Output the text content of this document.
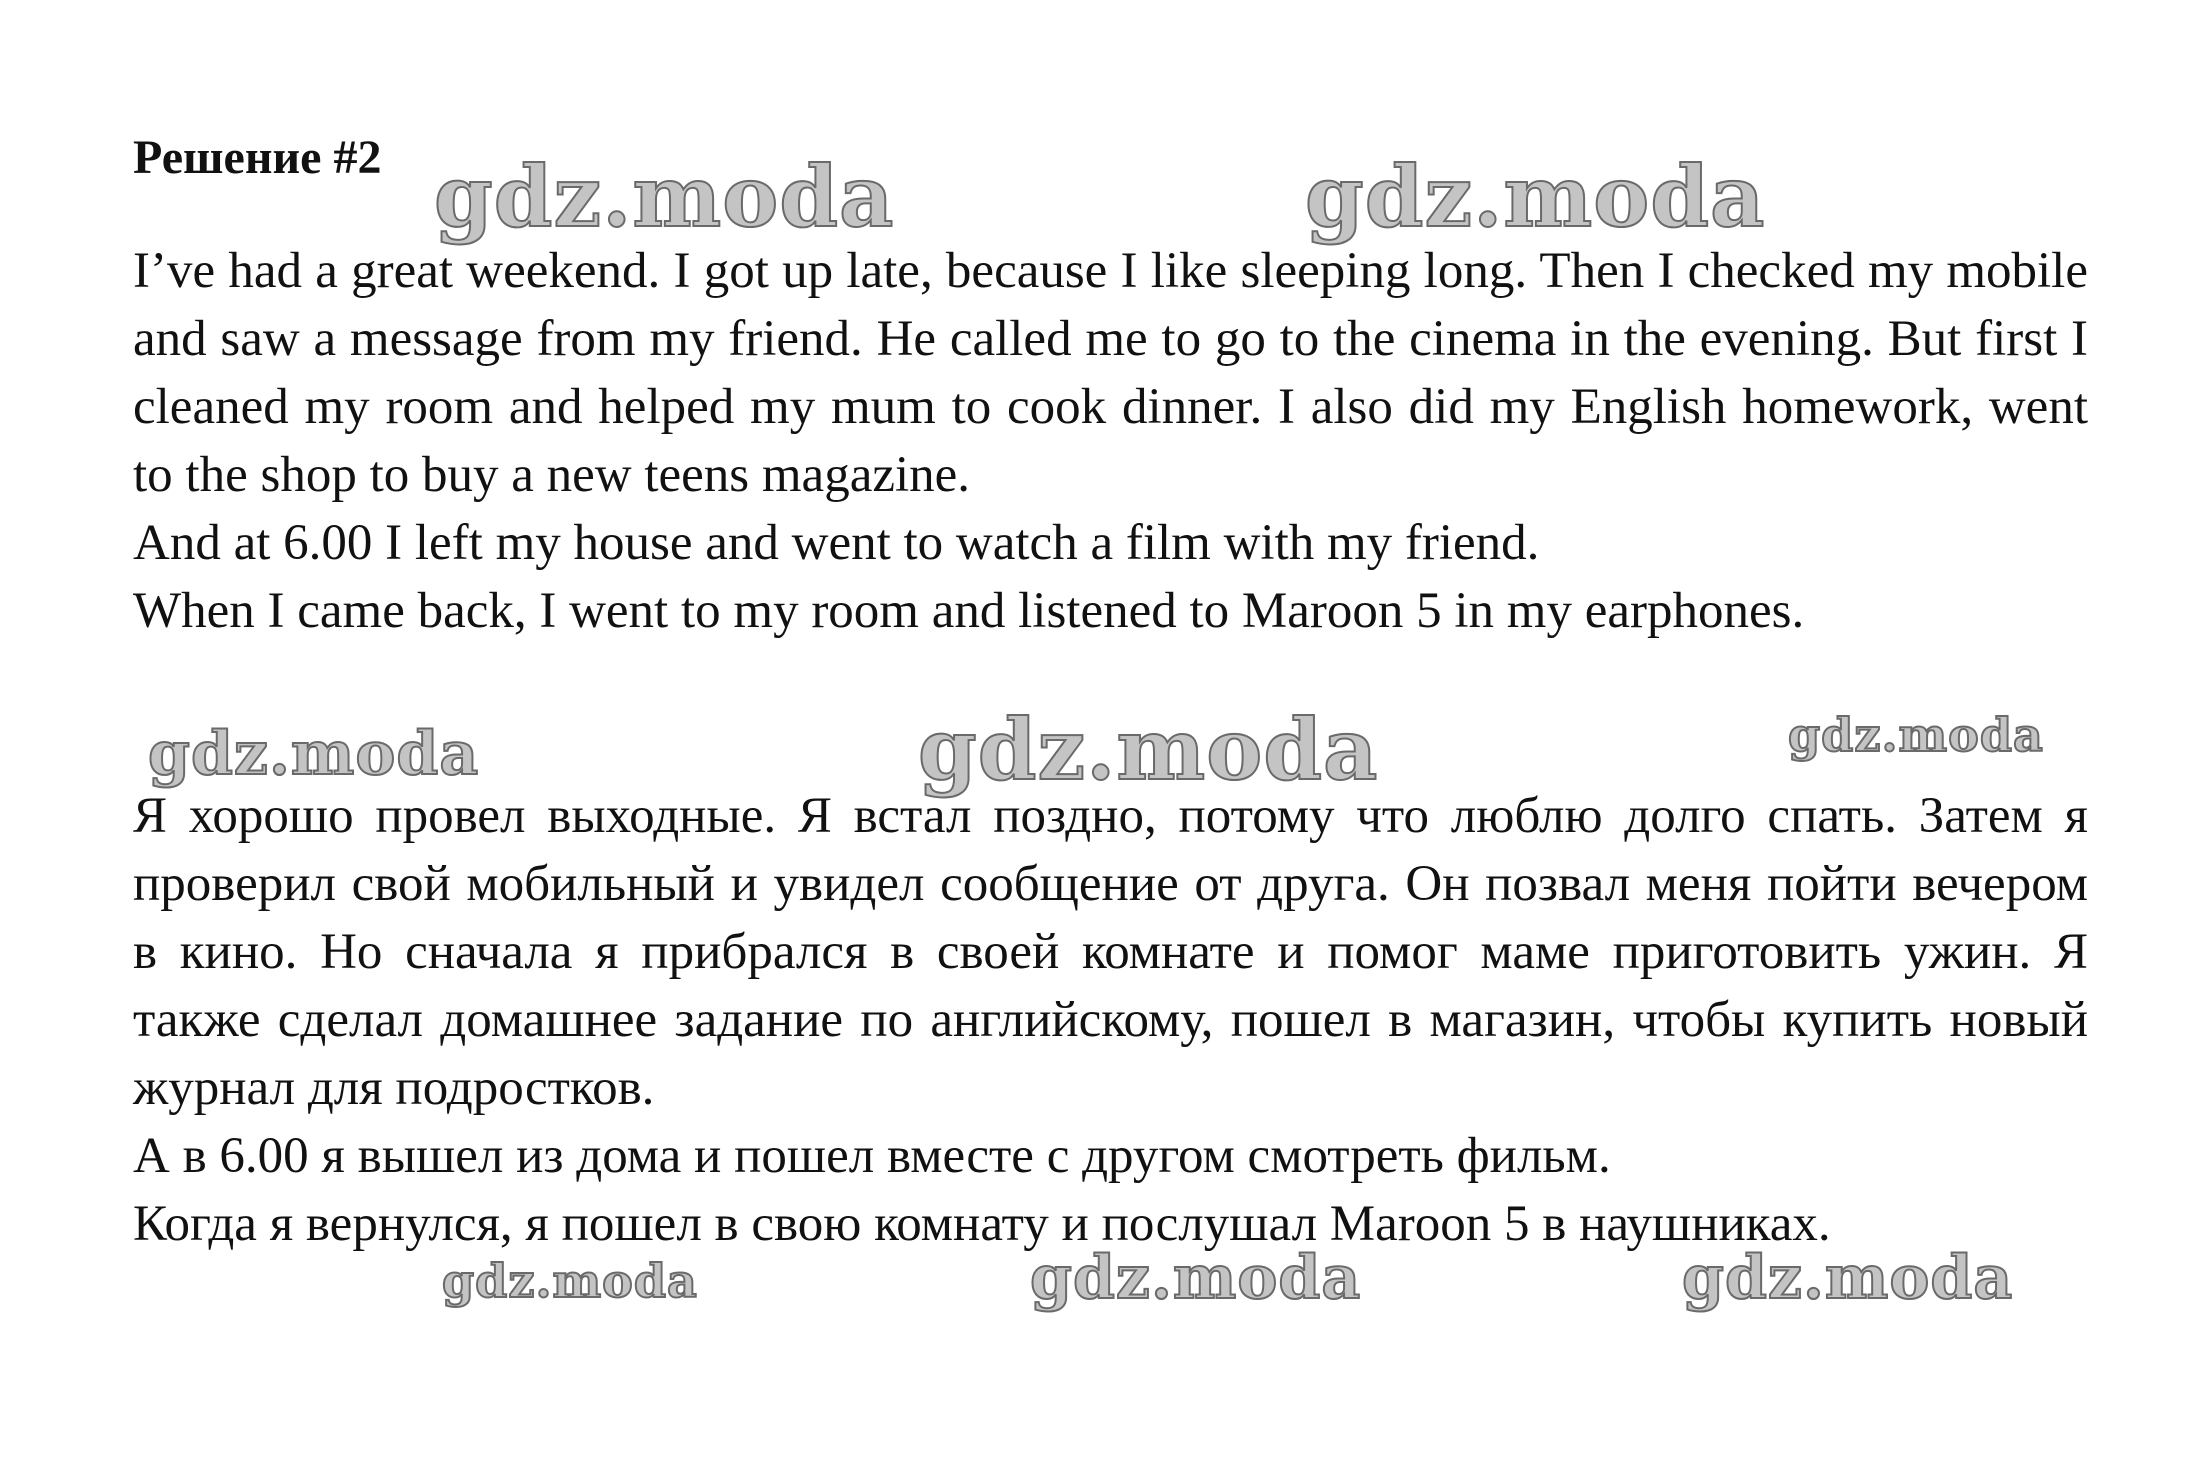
Решение #2

I’ve had a great weekend. I got up late, because I like sleeping long. Then I checked my mobile and saw a message from my friend. He called me to go to the cinema in the evening. But first I cleaned my room and helped my mum to cook dinner. I also did my English homework, went to the shop to buy a new teens magazine.

And at 6.00 I left my house and went to watch a film with my friend.

When I came back, I went to my room and listened to Maroon 5 in my earphones.

Я хорошо провел выходные. Я встал поздно, потому что люблю долго спать. Затем я проверил свой мобильный и увидел сообщение от друга. Он позвал меня пойти вечером в кино. Но сначала я прибрался в своей комнате и помог маме приготовить ужин. Я также сделал домашнее задание по английскому, пошел в магазин, чтобы купить новый журнал для подростков.

А в 6.00 я вышел из дома и пошел вместе с другом смотреть фильм.

Когда я вернулся, я пошел в свою комнату и послушал Maroon 5 в наушниках.

gdz.moda	gdz.moda
gdz.moda	gdz.moda	gdz.moda
gdz.moda	gdz.moda	gdz.moda
